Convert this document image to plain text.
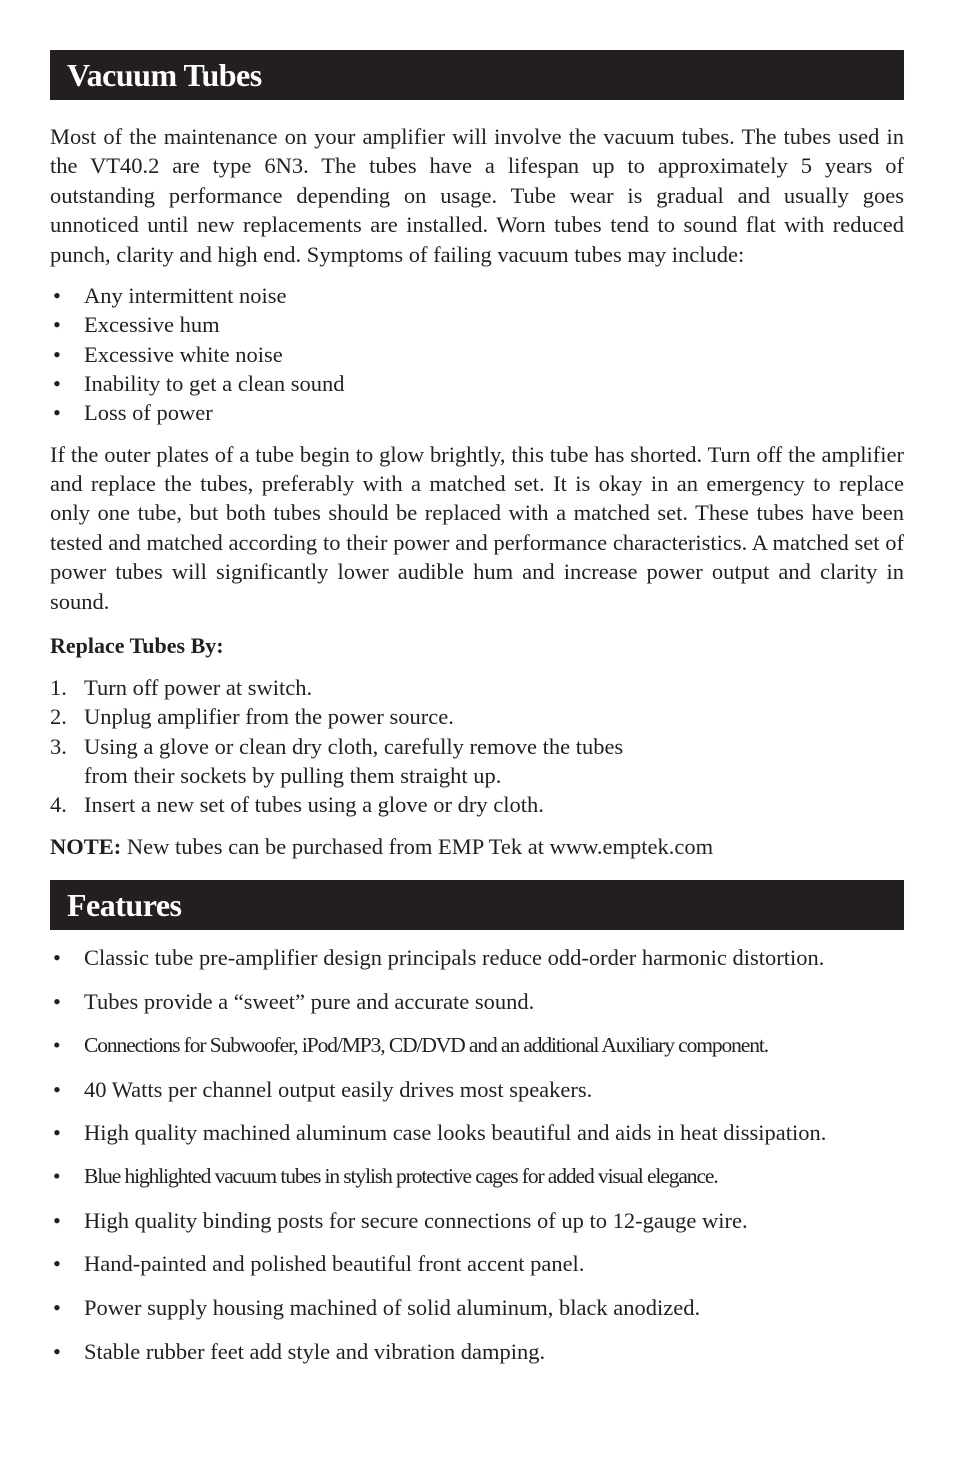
Vacuum Tubes

Most of the maintenance on your amplifier will involve the vacuum tubes. The tubes used in the VT40.2 are type 6N3. The tubes have a lifespan up to approximately 5 years of outstanding performance depending on usage. Tube wear is gradual and usually goes unnoticed until new replacements are installed. Worn tubes tend to sound flat with reduced punch, clarity and high end. Symptoms of failing vacuum tubes may include:

• Any intermittent noise
• Excessive hum
• Excessive white noise
• Inability to get a clean sound
• Loss of power

If the outer plates of a tube begin to glow brightly, this tube has shorted. Turn off the amplifier and replace the tubes, preferably with a matched set. It is okay in an emergency to replace only one tube, but both tubes should be replaced with a matched set. These tubes have been tested and matched according to their power and performance characteristics. A matched set of power tubes will significantly lower audible hum and increase power output and clarity in sound.

Replace Tubes By:

1. Turn off power at switch.
2. Unplug amplifier from the power source.
3. Using a glove or clean dry cloth, carefully remove the tubes
from their sockets by pulling them straight up.
4. Insert a new set of tubes using a glove or dry cloth.

NOTE: New tubes can be purchased from EMP Tek at www.emptek.com

Features
• Classic tube pre-amplifier design principals reduce odd-order harmonic distortion.
• Tubes provide a “sweet” pure and accurate sound.
• Connections for Subwoofer, iPod/MP3, CD/DVD and an additional Auxiliary component.
• 40 Watts per channel output easily drives most speakers.
• High quality machined aluminum case looks beautiful and aids in heat dissipation.
• Blue highlighted vacuum tubes in stylish protective cages for added visual elegance.
• High quality binding posts for secure connections of up to 12-gauge wire.
• Hand-painted and polished beautiful front accent panel.
• Power supply housing machined of solid aluminum, black anodized.
• Stable rubber feet add style and vibration damping.
